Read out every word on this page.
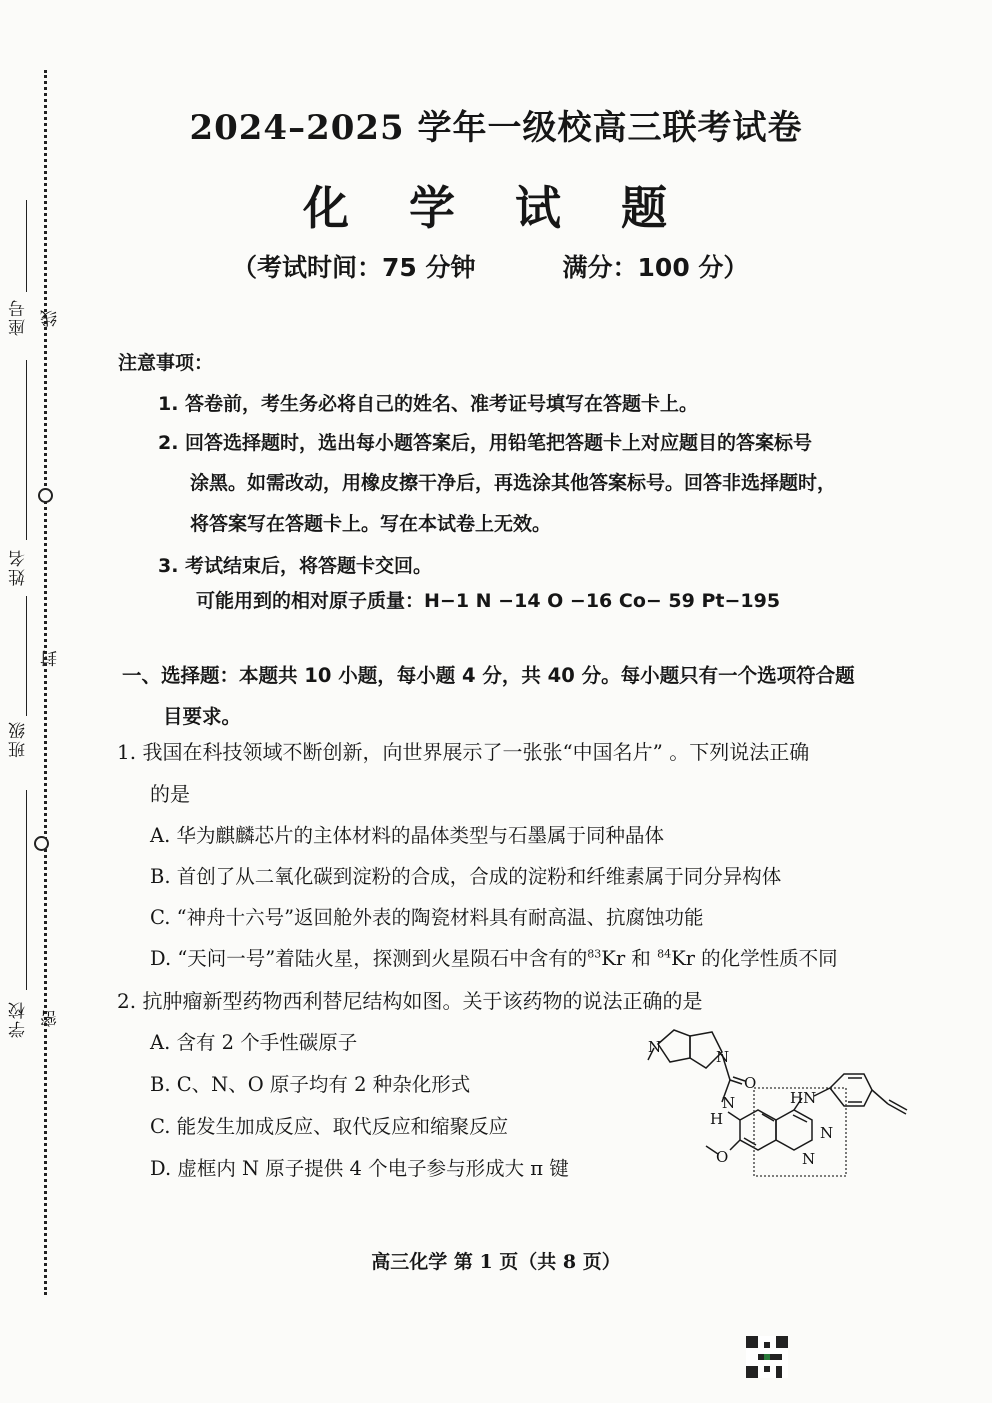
座号 线
姓名
封
班级
学校 密
2024–2025 学年一级校高三联考试卷
化 学 试 题
（考试时间：75 分钟          满分：100 分）
注意事项：
1. 答卷前，考生务必将自己的姓名、准考证号填写在答题卡上。
2. 回答选择题时，选出每小题答案后，用铅笔把答题卡上对应题目的答案标号
涂黑。如需改动，用橡皮擦干净后，再选涂其他答案标号。回答非选择题时，
将答案写在答题卡上。写在本试卷上无效。
3. 考试结束后，将答题卡交回。
可能用到的相对原子质量：H−1 N −14 O −16 Co− 59 Pt−195
一、选择题：本题共 10 小题，每小题 4 分，共 40 分。每小题只有一个选项符合题
目要求。
1. 我国在科技领域不断创新，向世界展示了一张张“中国名片” 。下列说法正确
的是
A. 华为麒麟芯片的主体材料的晶体类型与石墨属于同种晶体
B. 首创了从二氧化碳到淀粉的合成，合成的淀粉和纤维素属于同分异构体
C. “神舟十六号”返回舱外表的陶瓷材料具有耐高温、抗腐蚀功能
D. “天问一号”着陆火星，探测到火星陨石中含有的$^{83}$Kr 和 $^{84}$Kr 的化学性质不同
2. 抗肿瘤新型药物西利替尼结构如图。关于该药物的说法正确的是
A. 含有 2 个手性碳原子
B. C、N、O 原子均有 2 种杂化形式
C. 能发生加成反应、取代反应和缩聚反应
D. 虚框内 N 原子提供 4 个电子参与形成大 π 键
N
N
O
N
H
HN
N
N
O
高三化学 第 1 页（共 8 页）
